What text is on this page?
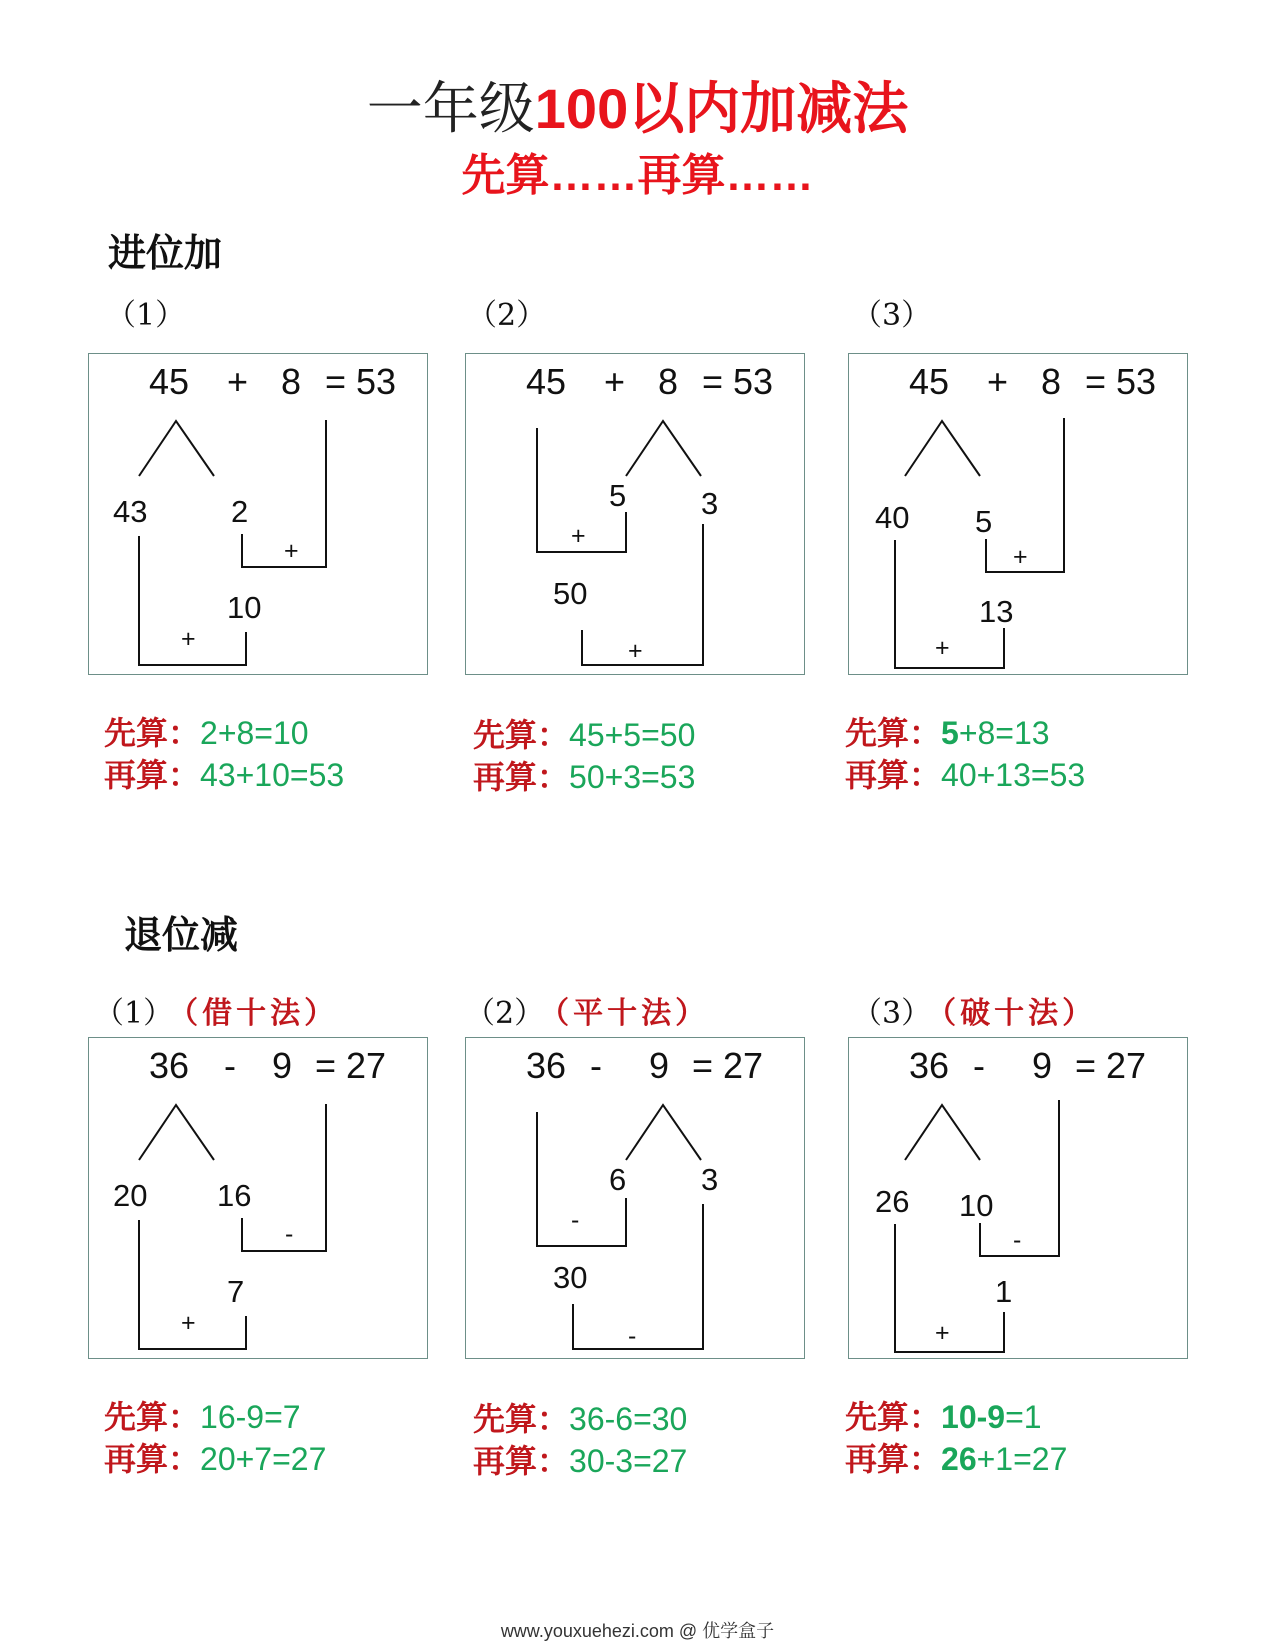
一年级100以内加减法
先算……再算……
进位加
（1）
45 + 8 = 53
43	2
+
10
+
先算：2+8=10
再算：43+10=53
（2）
45 + 8 = 53
5 3
+
50
+
先算：45+5=50
再算：50+3=53
（3）
45 + 8 = 53
40 5
+
13
+
先算：5+8=13
再算：40+13=53
退位减
（1） （借十法）
36 - 9 = 27
20 16
-
7
+
先算：16-9=7
再算：20+7=27
（2） （平十法）
36 - 9 = 27
6 3
-
30
-
先算：36-6=30
再算：30-3=27
（3） （破十法）
36 - 9 = 27
26 10
-
1
+
先算：10-9=1
再算：26+1=27
www.youxuehezi.com @ 优学盒子
